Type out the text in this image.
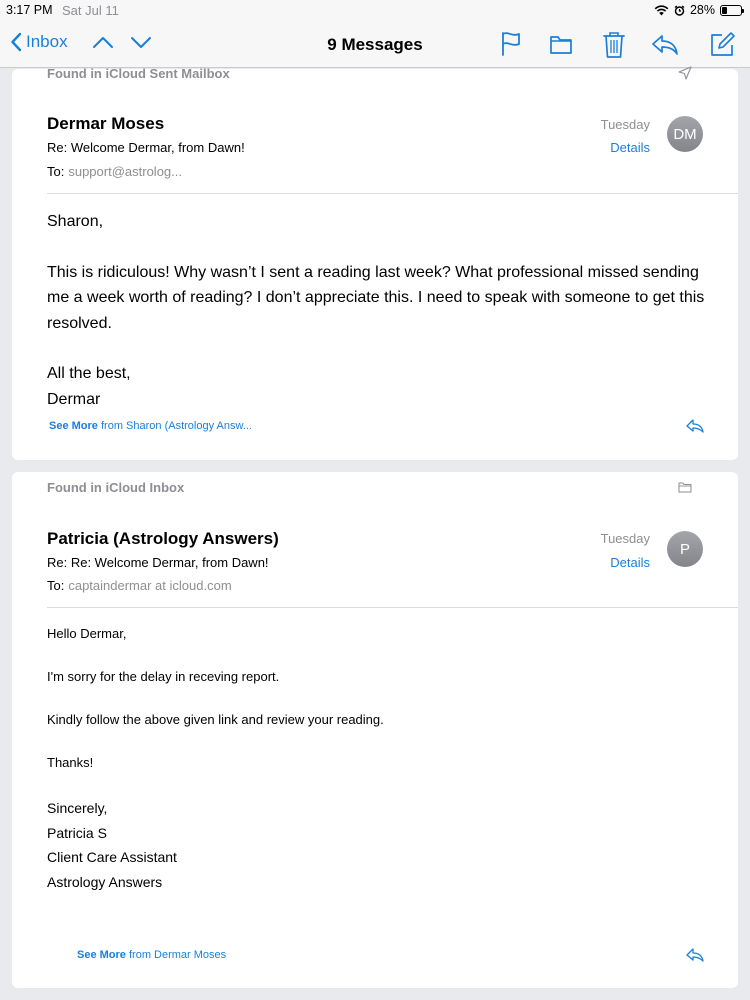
3:17 PM Sat Jul 11	28%
Inbox	9 Messages
Found in iCloud Sent Mailbox
Dermar Moses
Re: Welcome Dermar, from Dawn!
To: support@astrolog...
Tuesday
Details
DM

Sharon,

This is ridiculous! Why wasn’t I sent a reading last week? What professional missed sending me a week worth of reading? I don’t appreciate this. I need to speak with someone to get this resolved.

All the best,
Dermar

See More from Sharon (Astrology Answ...
Found in iCloud Inbox
Patricia (Astrology Answers)
Re: Re: Welcome Dermar, from Dawn!
To: captaindermar at icloud.com
Tuesday
Details
P

Hello Dermar,

I'm sorry for the delay in receving report.

Kindly follow the above given link and review your reading.

Thanks!

Sincerely,
Patricia S
Client Care Assistant
Astrology Answers

See More from Dermar Moses
